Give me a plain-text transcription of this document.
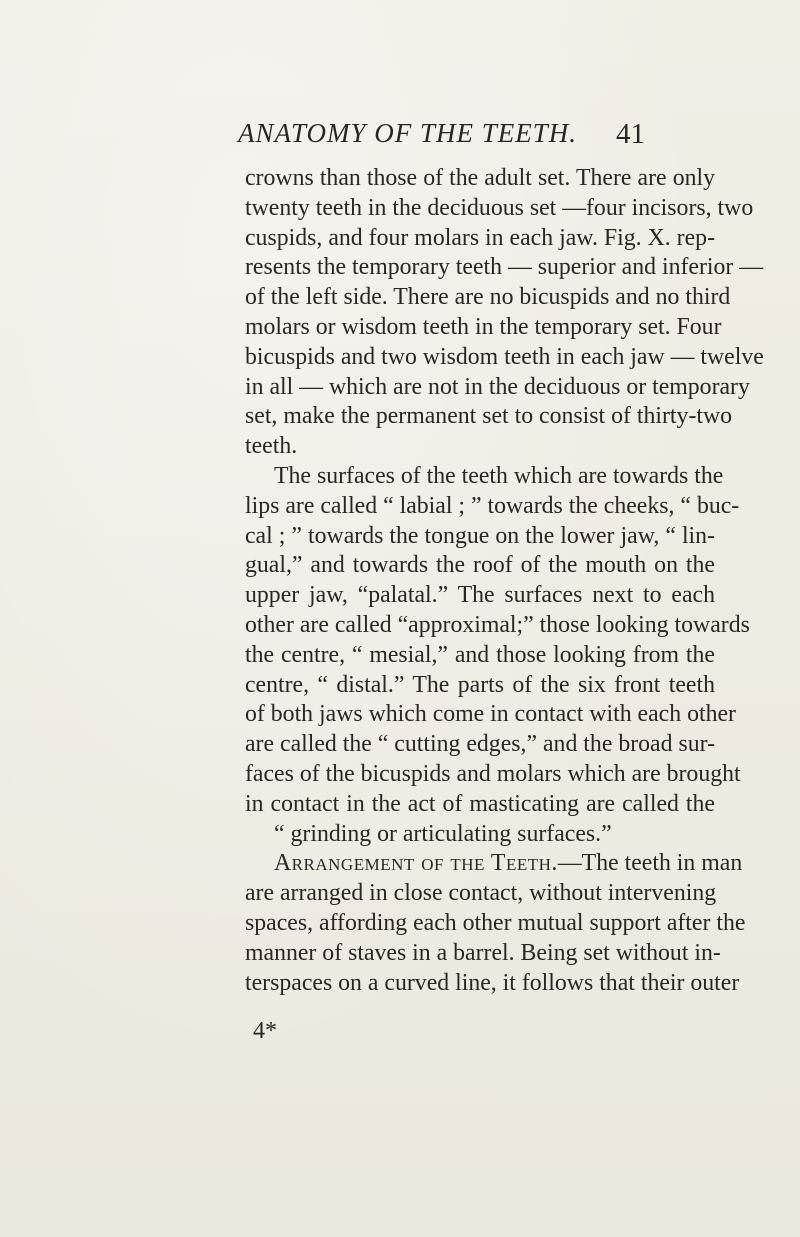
ANATOMY OF THE TEETH. 41
crowns than those of the adult set. There are only
twenty teeth in the deciduous set —four incisors, two
cuspids, and four molars in each jaw. Fig. X. rep-
resents the temporary teeth — superior and inferior —
of the left side. There are no bicuspids and no third
molars or wisdom teeth in the temporary set. Four
bicuspids and two wisdom teeth in each jaw — twelve
in all — which are not in the deciduous or temporary
set, make the permanent set to consist of thirty-two
teeth.
The surfaces of the teeth which are towards the
lips are called “ labial ; ” towards the cheeks, “ buc-
cal ; ” towards the tongue on the lower jaw, “ lin-
gual,” and towards the roof of the mouth on the
upper jaw, “palatal.” The surfaces next to each
other are called “approximal;” those looking towards
the centre, “ mesial,” and those looking from the
centre, “ distal.” The parts of the six front teeth
of both jaws which come in contact with each other
are called the “ cutting edges,” and the broad sur-
faces of the bicuspids and molars which are brought
in contact in the act of masticating are called the
“ grinding or articulating surfaces.”
Arrangement of the Teeth.—The teeth in man
are arranged in close contact, without intervening
spaces, affording each other mutual support after the
manner of staves in a barrel. Being set without in-
terspaces on a curved line, it follows that their outer
4*
